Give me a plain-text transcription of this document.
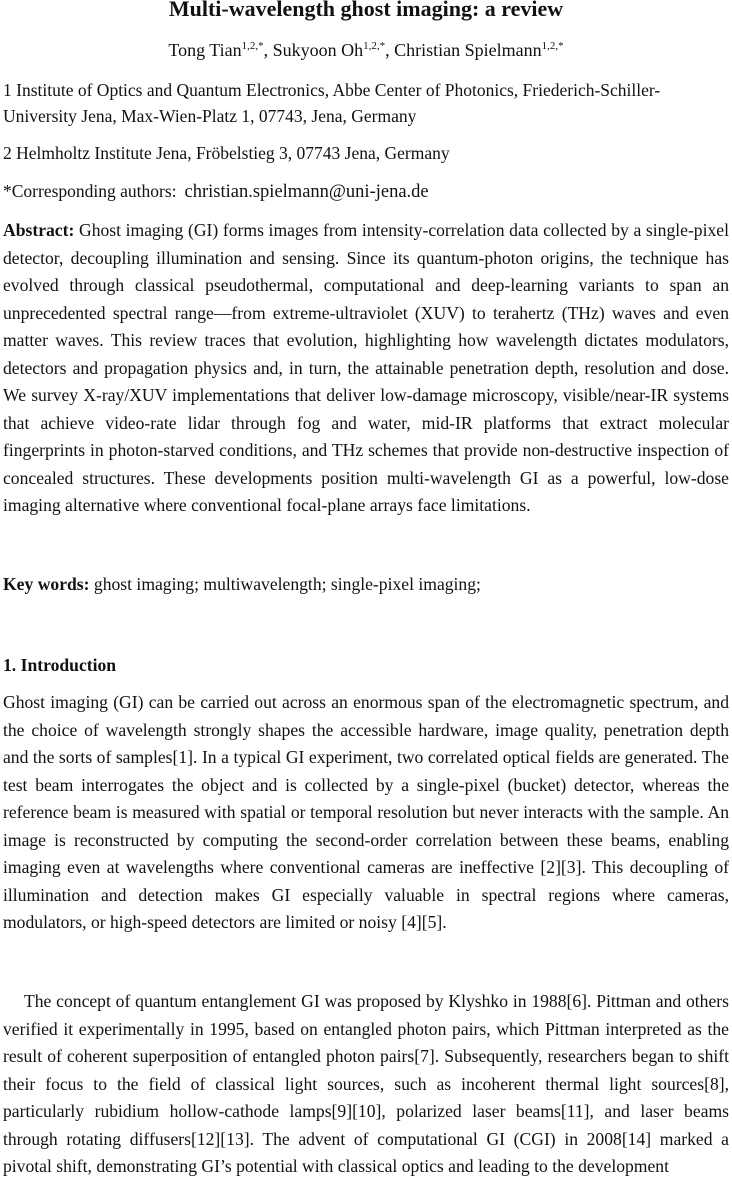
Multi-wavelength ghost imaging: a review
Tong Tian$^{1,2,*}$, Sukyoon $Oh^{1,2,*}$, Christian Spielmann$^{1,2,*}$
1 Institute of Optics and Quantum Electronics, Abbe Center of Photonics, Friederich-Schiller-University Jena, Max-Wien-Platz 1, 07743, Jena, Germany
2 Helmholtz Institute Jena, Fröbelstieg 3, 07743 Jena, Germany
*Corresponding authors: christian.spielmann@uni-jena.de

Abstract: Ghost imaging (GI) forms images from intensity-correlation data collected by a single-pixel detector, decoupling illumination and sensing. Since its quantum-photon origins, the technique has evolved through classical pseudothermal, computational and deep-learning variants to span an unprecedented spectral range—from extreme-ultraviolet (XUV) to terahertz (THz) waves and even matter waves. This review traces that evolution, highlighting how wavelength dictates modulators, detectors and propagation physics and, in turn, the attainable penetration depth, resolution and dose. We survey X-ray/XUV implementations that deliver low-damage microscopy, visible/near-IR systems that achieve video-rate lidar through fog and water, mid-IR platforms that extract molecular fingerprints in photon-starved conditions, and THz schemes that provide non-destructive inspection of concealed structures. These developments position multi-wavelength GI as a powerful, low-dose imaging alternative where conventional focal-plane arrays face limitations.

Key words: ghost imaging; multiwavelength; single-pixel imaging;
1. Introduction

Ghost imaging (GI) can be carried out across an enormous span of the electromagnetic spectrum, and the choice of wavelength strongly shapes the accessible hardware, image quality, penetration depth and the sorts of samples[1]. In a typical GI experiment, two correlated optical fields are generated. The test beam interrogates the object and is collected by a single-pixel (bucket) detector, whereas the reference beam is measured with spatial or temporal resolution but never interacts with the sample. An image is reconstructed by computing the second-order correlation between these beams, enabling imaging even at wavelengths where conventional cameras are ineffective [2][3]. This decoupling of illumination and detection makes GI especially valuable in spectral regions where cameras, modulators, or high-speed detectors are limited or noisy [4][5].

The concept of quantum entanglement GI was proposed by Klyshko in 1988[6]. Pittman and others verified it experimentally in 1995, based on entangled photon pairs, which Pittman interpreted as the result of coherent superposition of entangled photon pairs[7]. Subsequently, researchers began to shift their focus to the field of classical light sources, such as incoherent thermal light sources[8], particularly rubidium hollow-cathode lamps[9][10], polarized laser beams[11], and laser beams through rotating diffusers[12][13]. The advent of computational GI (CGI) in 2008[14] marked a pivotal shift, demonstrating GI’s potential with classical optics and leading to the development
